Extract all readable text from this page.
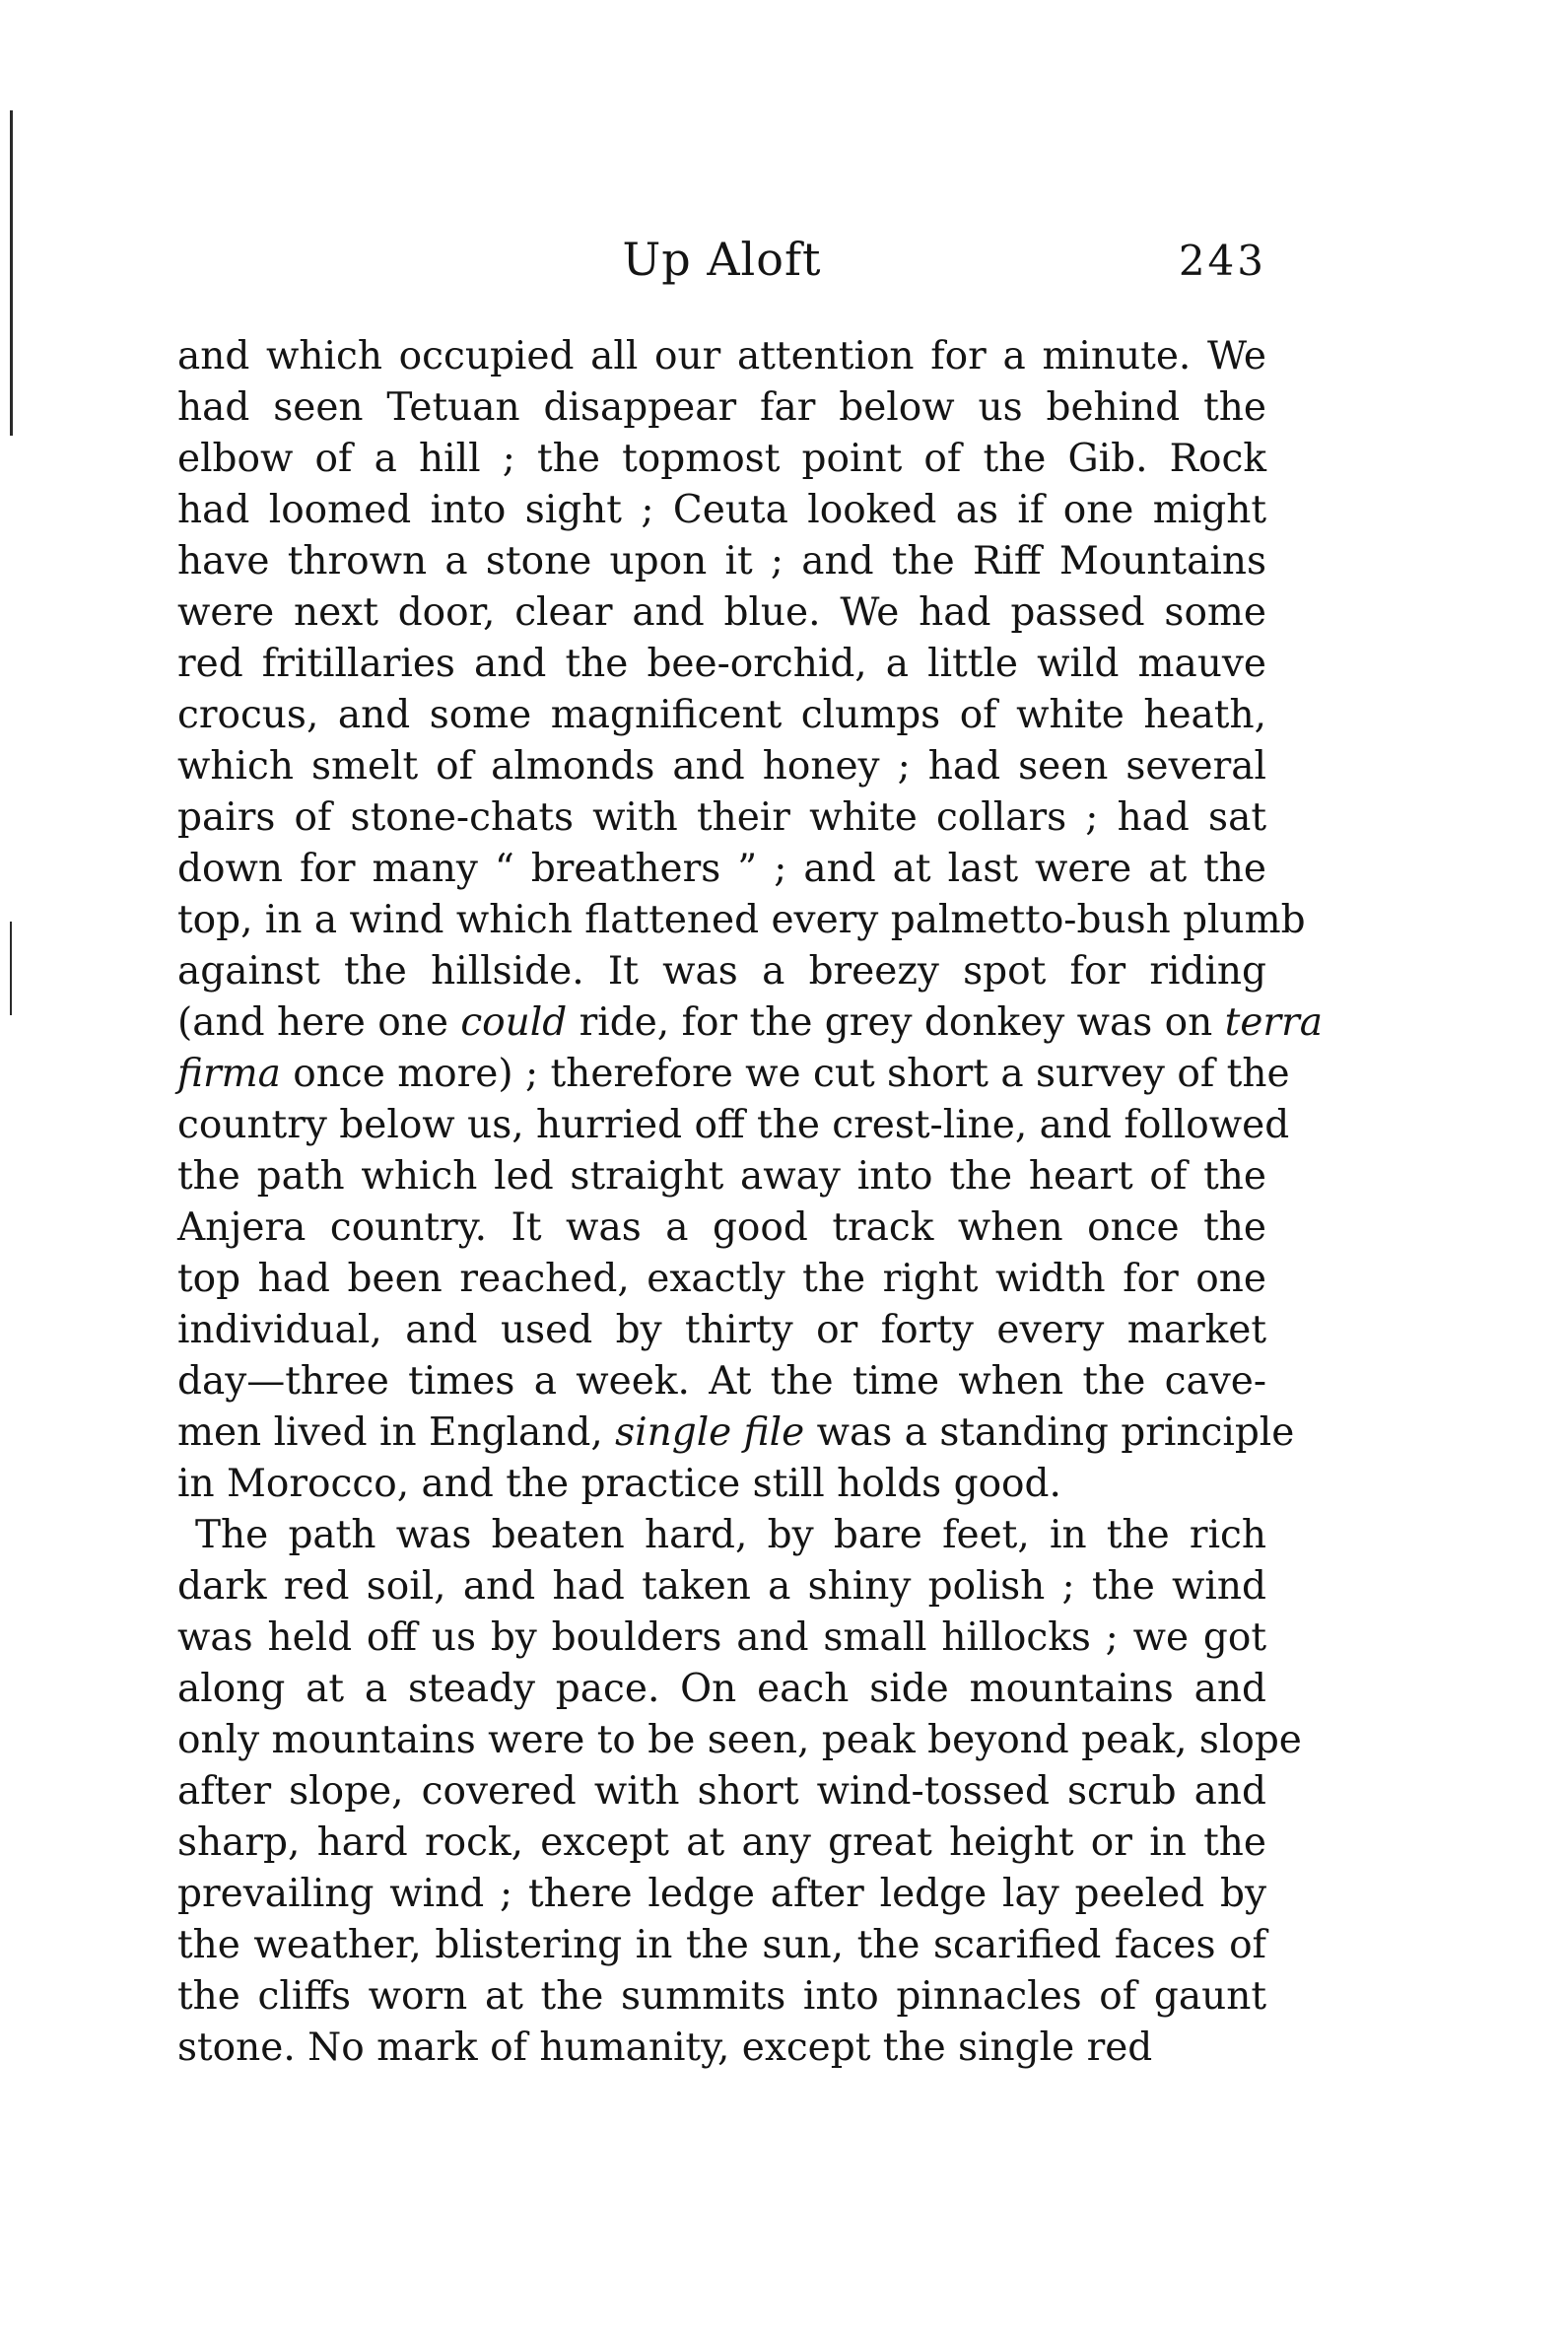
Up Aloft	243
and which occupied all our attention for a minute. We
had seen Tetuan disappear far below us behind the
elbow of a hill ; the topmost point of the Gib. Rock
had loomed into sight ; Ceuta looked as if one might
have thrown a stone upon it ; and the Riff Mountains
were next door, clear and blue. We had passed some
red fritillaries and the bee-orchid, a little wild mauve
crocus, and some magnificent clumps of white heath,
which smelt of almonds and honey ; had seen several
pairs of stone-chats with their white collars ; had sat
down for many “ breathers ” ; and at last were at the
top, in a wind which flattened every palmetto-bush plumb
against the hillside. It was a breezy spot for riding
(and here one could ride, for the grey donkey was on terra
firma once more) ; therefore we cut short a survey of the
country below us, hurried off the crest-line, and followed
the path which led straight away into the heart of the
Anjera country. It was a good track when once the
top had been reached, exactly the right width for one
individual, and used by thirty or forty every market
day—three times a week. At the time when the cave-
men lived in England, single file was a standing principle
in Morocco, and the practice still holds good.
The path was beaten hard, by bare feet, in the rich
dark red soil, and had taken a shiny polish ; the wind
was held off us by boulders and small hillocks ; we got
along at a steady pace. On each side mountains and
only mountains were to be seen, peak beyond peak, slope
after slope, covered with short wind-tossed scrub and
sharp, hard rock, except at any great height or in the
prevailing wind ; there ledge after ledge lay peeled by
the weather, blistering in the sun, the scarified faces of
the cliffs worn at the summits into pinnacles of gaunt
stone. No mark of humanity, except the single red
